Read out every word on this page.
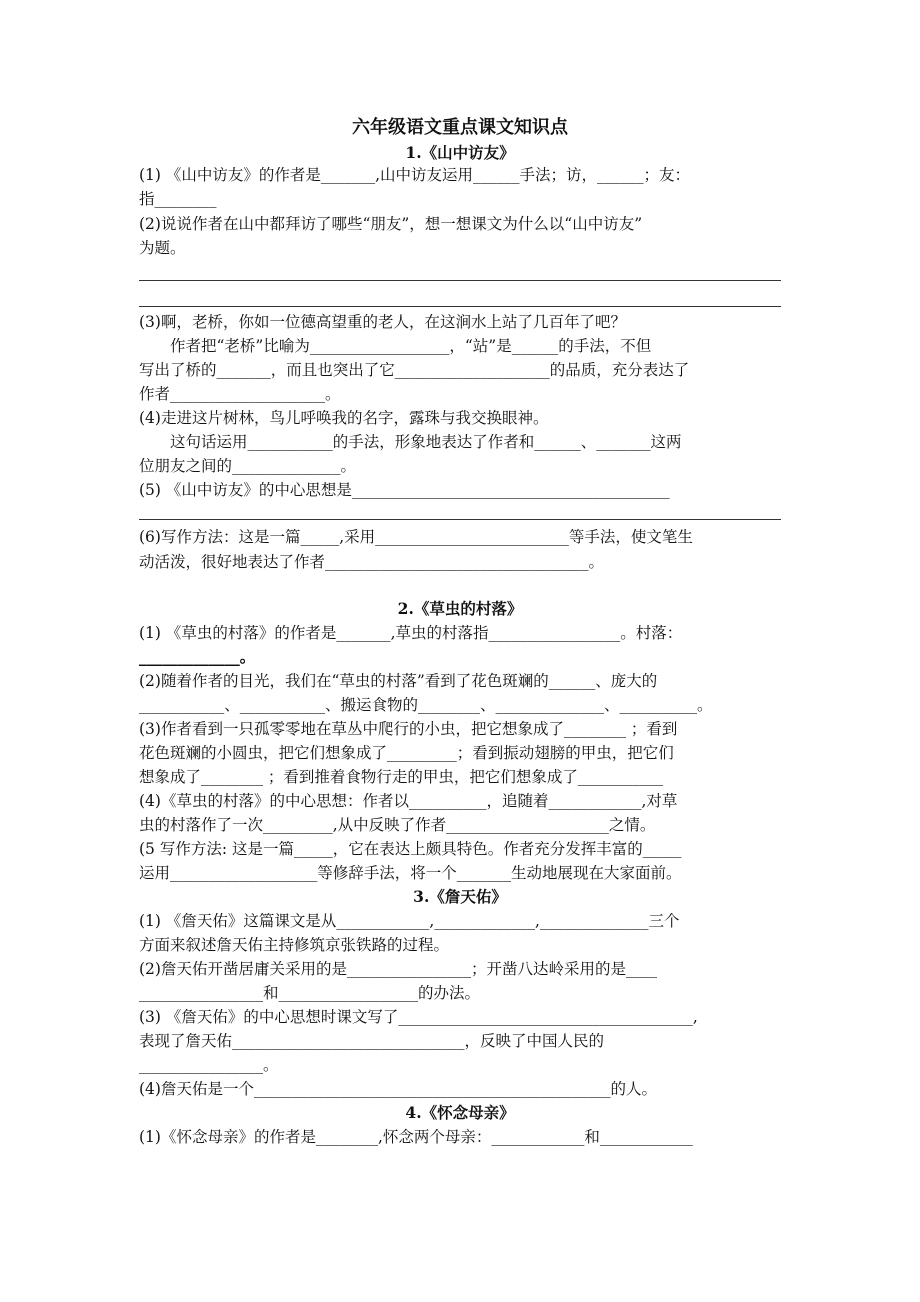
六年级语文重点课文知识点
1.《山中访友》
(1) 《山中访友》的作者是_______,山中访友运用______手法；访，______；友：
指________
(2)说说作者在山中都拜访了哪些“朋友”，想一想课文为什么以“山中访友”
为题。
(3)啊，老桥，你如一位德高望重的老人，在这涧水上站了几百年了吧？
作者把“老桥”比喻为__________________，“站”是______的手法，不但
写出了桥的_______，而且也突出了它____________________的品质，充分表达了
作者____________________。
(4)走进这片树林，鸟儿呼唤我的名字，露珠与我交换眼神。
这句话运用___________的手法，形象地表达了作者和______、_______这两
位朋友之间的______________。
(5) 《山中访友》的中心思想是_________________________________________
(6)写作方法：这是一篇_____,采用_________________________等手法，使文笔生
动活泼，很好地表达了作者__________________________________。
2.《草虫的村落》
(1) 《草虫的村落》的作者是_______,草虫的村落指_________________。村落：
_____________。
(2)随着作者的目光，我们在“草虫的村落”看到了花色斑斓的______、庞大的
___________、___________、搬运食物的________、______________、__________。
(3)作者看到一只孤零零地在草丛中爬行的小虫，把它想象成了________ ；看到
花色斑斓的小圆虫，把它们想象成了_________；看到振动翅膀的甲虫，把它们
想象成了________ ；看到推着食物行走的甲虫，把它们想象成了___________
(4)《草虫的村落》的中心思想：作者以__________，追随着____________,对草
虫的村落作了一次_________,从中反映了作者_____________________之情。
(5 写作方法: 这是一篇_____，它在表达上颇具特色。作者充分发挥丰富的_____
运用___________________等修辞手法，将一个_______生动地展现在大家面前。
3.《詹天佑》
(1) 《詹天佑》这篇课文是从____________,_____________,______________三个
方面来叙述詹天佑主持修筑京张铁路的过程。
(2)詹天佑开凿居庸关采用的是________________；开凿八达岭采用的是____
________________和__________________的办法。
(3) 《詹天佑》的中心思想时课文写了______________________________________,
表现了詹天佑______________________________，反映了中国人民的
________________。
(4)詹天佑是一个______________________________________________的人。
4.《怀念母亲》
(1)《怀念母亲》的作者是________,怀念两个母亲：____________和____________
